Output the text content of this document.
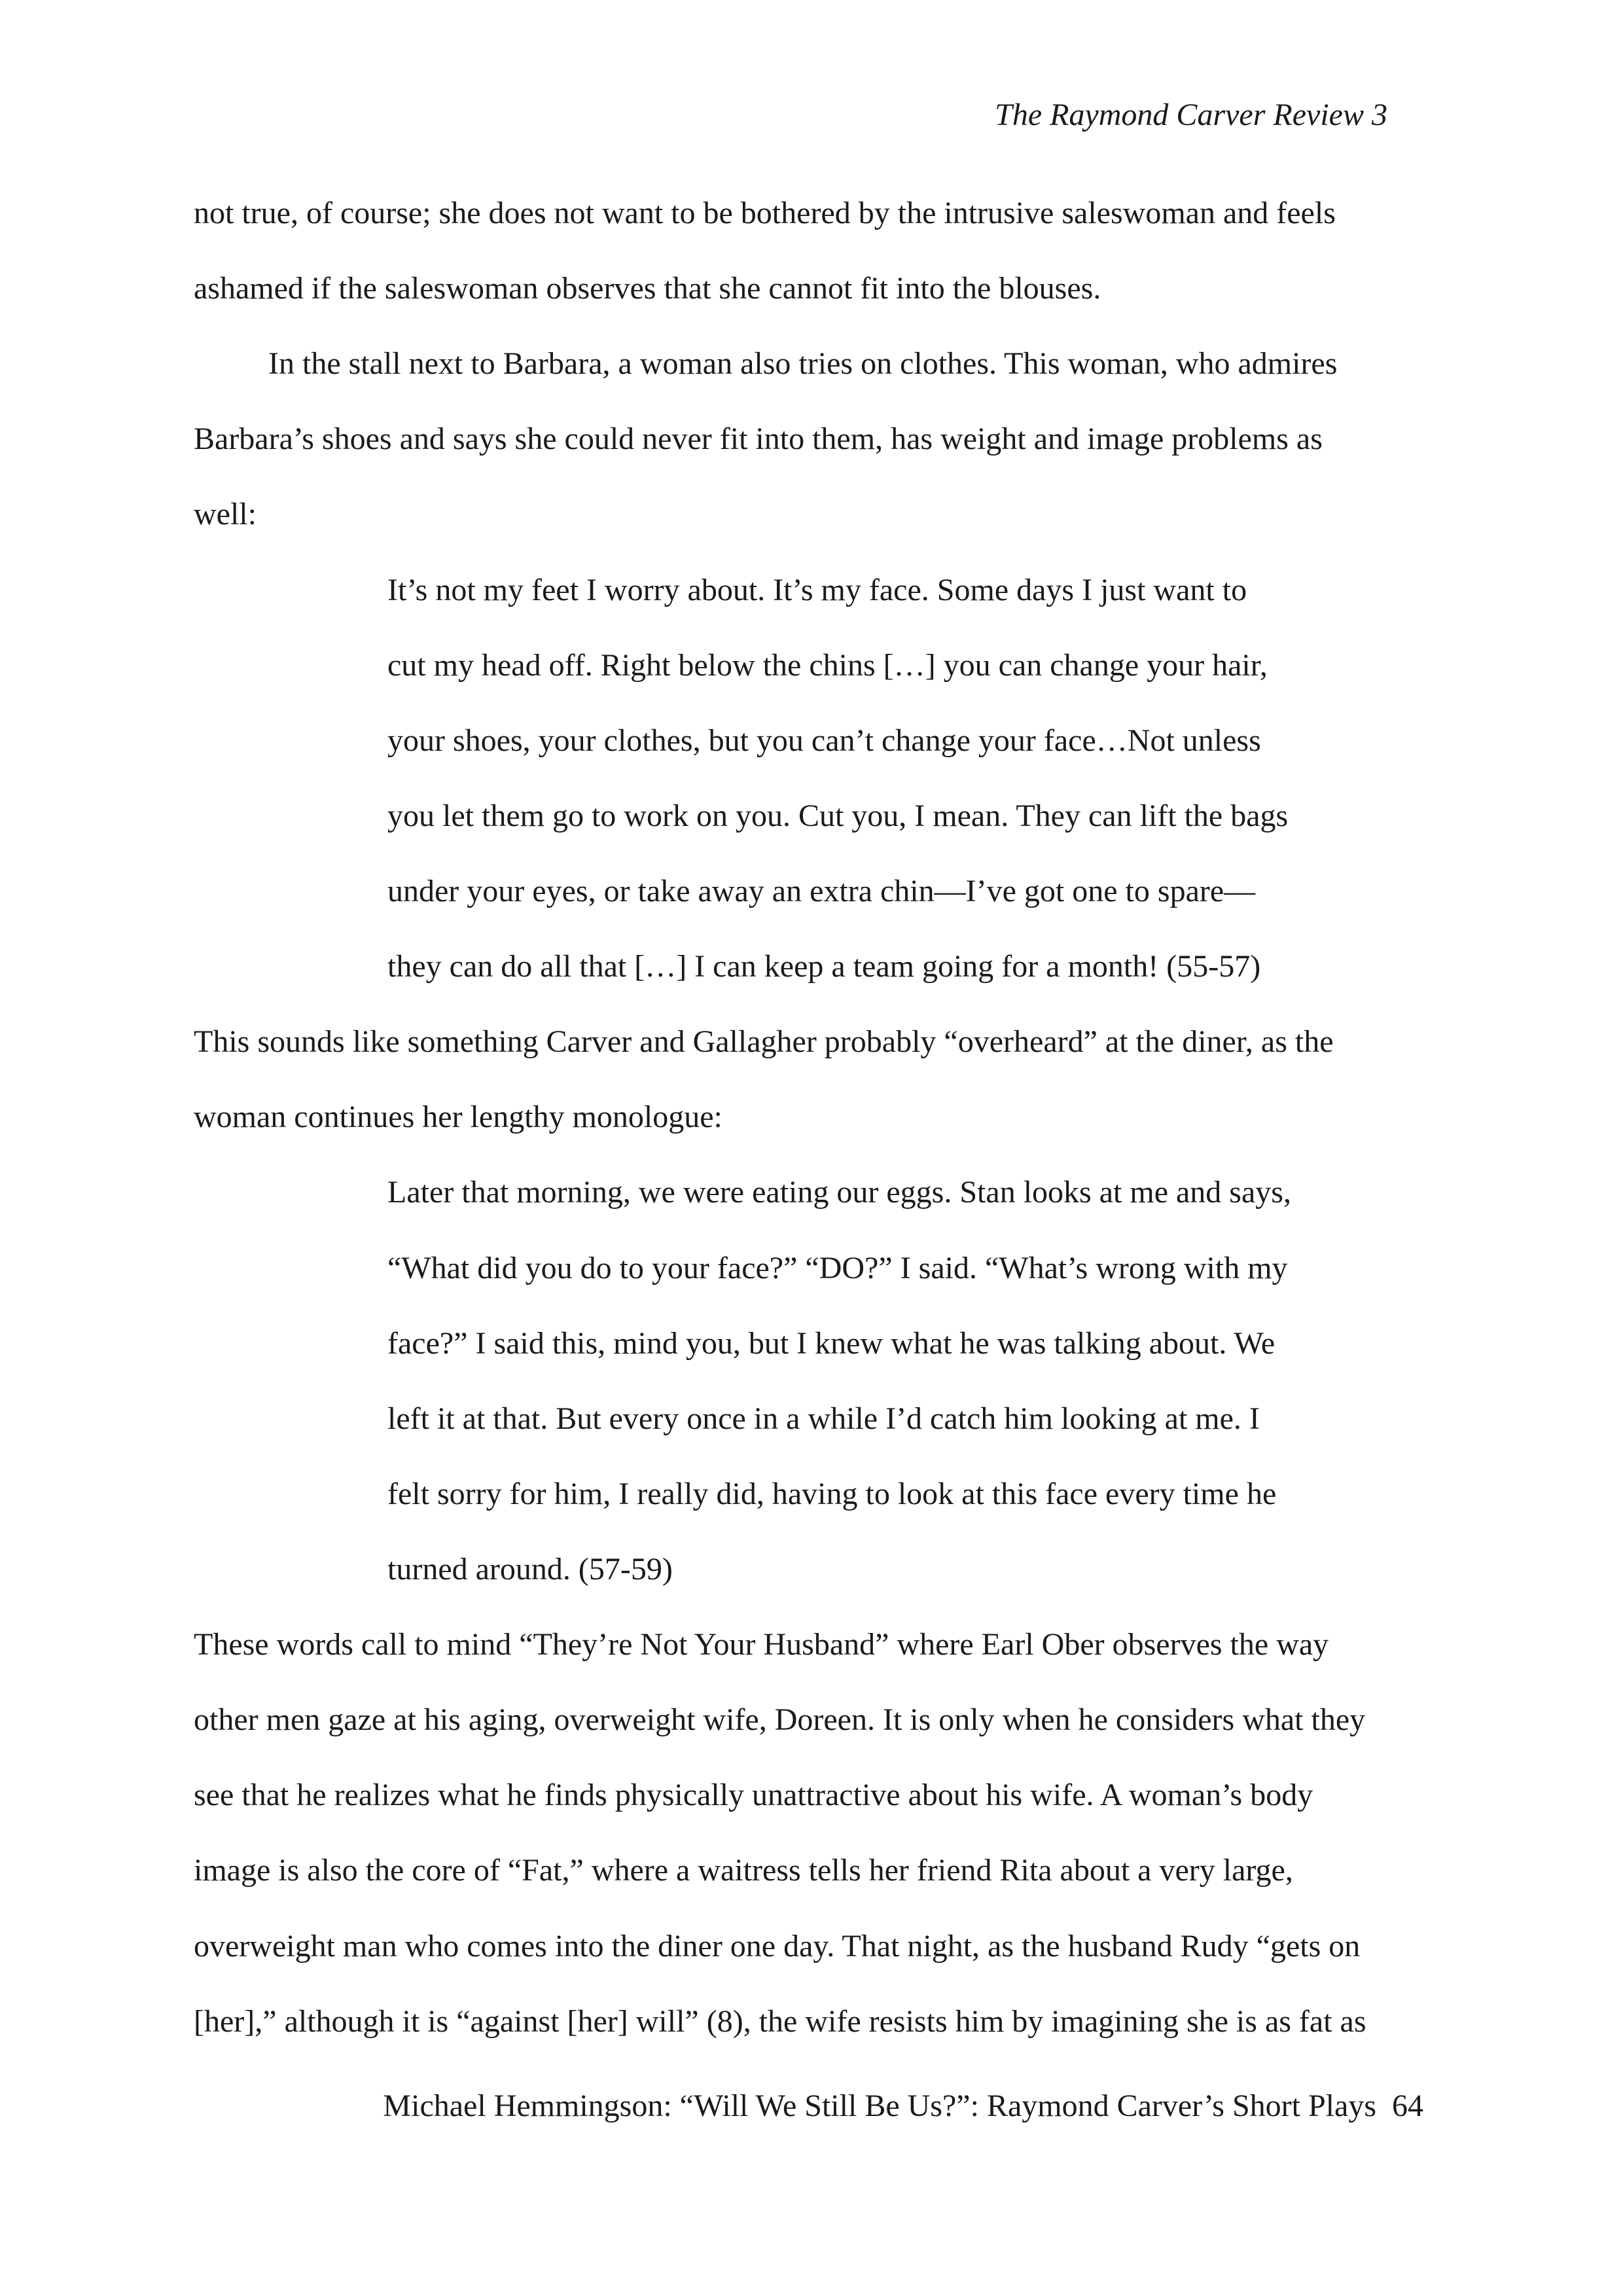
The Raymond Carver Review 3
not true, of course; she does not want to be bothered by the intrusive saleswoman and feels
ashamed if the saleswoman observes that she cannot fit into the blouses.
In the stall next to Barbara, a woman also tries on clothes. This woman, who admires
Barbara’s shoes and says she could never fit into them, has weight and image problems as
well:
It’s not my feet I worry about. It’s my face. Some days I just want to
cut my head off. Right below the chins […] you can change your hair,
your shoes, your clothes, but you can’t change your face…Not unless
you let them go to work on you. Cut you, I mean. They can lift the bags
under your eyes, or take away an extra chin—I’ve got one to spare—
they can do all that […] I can keep a team going for a month! (55-57)
This sounds like something Carver and Gallagher probably “overheard” at the diner, as the
woman continues her lengthy monologue:
Later that morning, we were eating our eggs. Stan looks at me and says,
“What did you do to your face?” “DO?” I said. “What’s wrong with my
face?” I said this, mind you, but I knew what he was talking about. We
left it at that. But every once in a while I’d catch him looking at me. I
felt sorry for him, I really did, having to look at this face every time he
turned around. (57-59)
These words call to mind “They’re Not Your Husband” where Earl Ober observes the way
other men gaze at his aging, overweight wife, Doreen. It is only when he considers what they
see that he realizes what he finds physically unattractive about his wife. A woman’s body
image is also the core of “Fat,” where a waitress tells her friend Rita about a very large,
overweight man who comes into the diner one day. That night, as the husband Rudy “gets on
[her],” although it is “against [her] will” (8), the wife resists him by imagining she is as fat as
Michael Hemmingson: “Will We Still Be Us?”: Raymond Carver’s Short Plays 64
